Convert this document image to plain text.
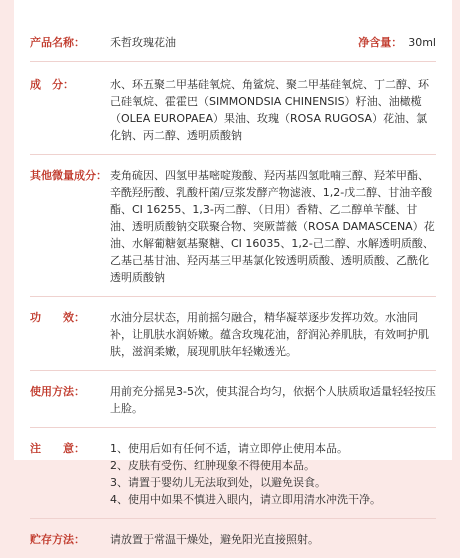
产品名称：	禾哲玫瑰花油	净含量： 30ml
成　分：	水、环五聚二甲基硅氧烷、角鲨烷、聚二甲基硅氧烷、丁二醇、环己硅氧烷、霍霍巴（SIMMONDSIA CHINENSIS）籽油、油橄榄（OLEA EUROPAEA）果油、玫瑰（ROSA RUGOSA）花油、氯化钠、丙二醇、透明质酸钠
其他微量成分： 麦角硫因、四氢甲基嘧啶羧酸、羟丙基四氢吡喃三醇、羟苯甲酯、辛酰羟肟酸、乳酸杆菌/豆浆发酵产物滤液、1,2-戊二醇、甘油辛酸酯、CI 16255、1,3-丙二醇、（日用）香精、乙二醇单苄醚、甘油、透明质酸钠交联聚合物、突厥蔷薇（ROSA DAMASCENA）花油、水解葡糖氨基聚糖、CI 16035、1,2-己二醇、水解透明质酸、乙基己基甘油、羟丙基三甲基氯化铵透明质酸、透明质酸、乙酰化透明质酸钠
功　　效：	水油分层状态，用前摇匀融合，精华凝萃逐步发挥功效。水油同补，让肌肤水润娇嫩。蕴含玫瑰花油，舒润沁养肌肤，有效呵护肌肤，滋润柔嫩，展现肌肤年轻嫩透光。
使用方法：	用前充分摇晃3-5次，使其混合均匀，依据个人肤质取适量轻轻按压上脸。
注　　意：	1、使用后如有任何不适，请立即停止使用本品。
2、皮肤有受伤、红肿现象不得使用本品。
3、请置于婴幼儿无法取到处，以避免误食。
4、使用中如果不慎进入眼内，请立即用清水冲洗干净。
贮存方法：	请放置于常温干燥处，避免阳光直接照射。
